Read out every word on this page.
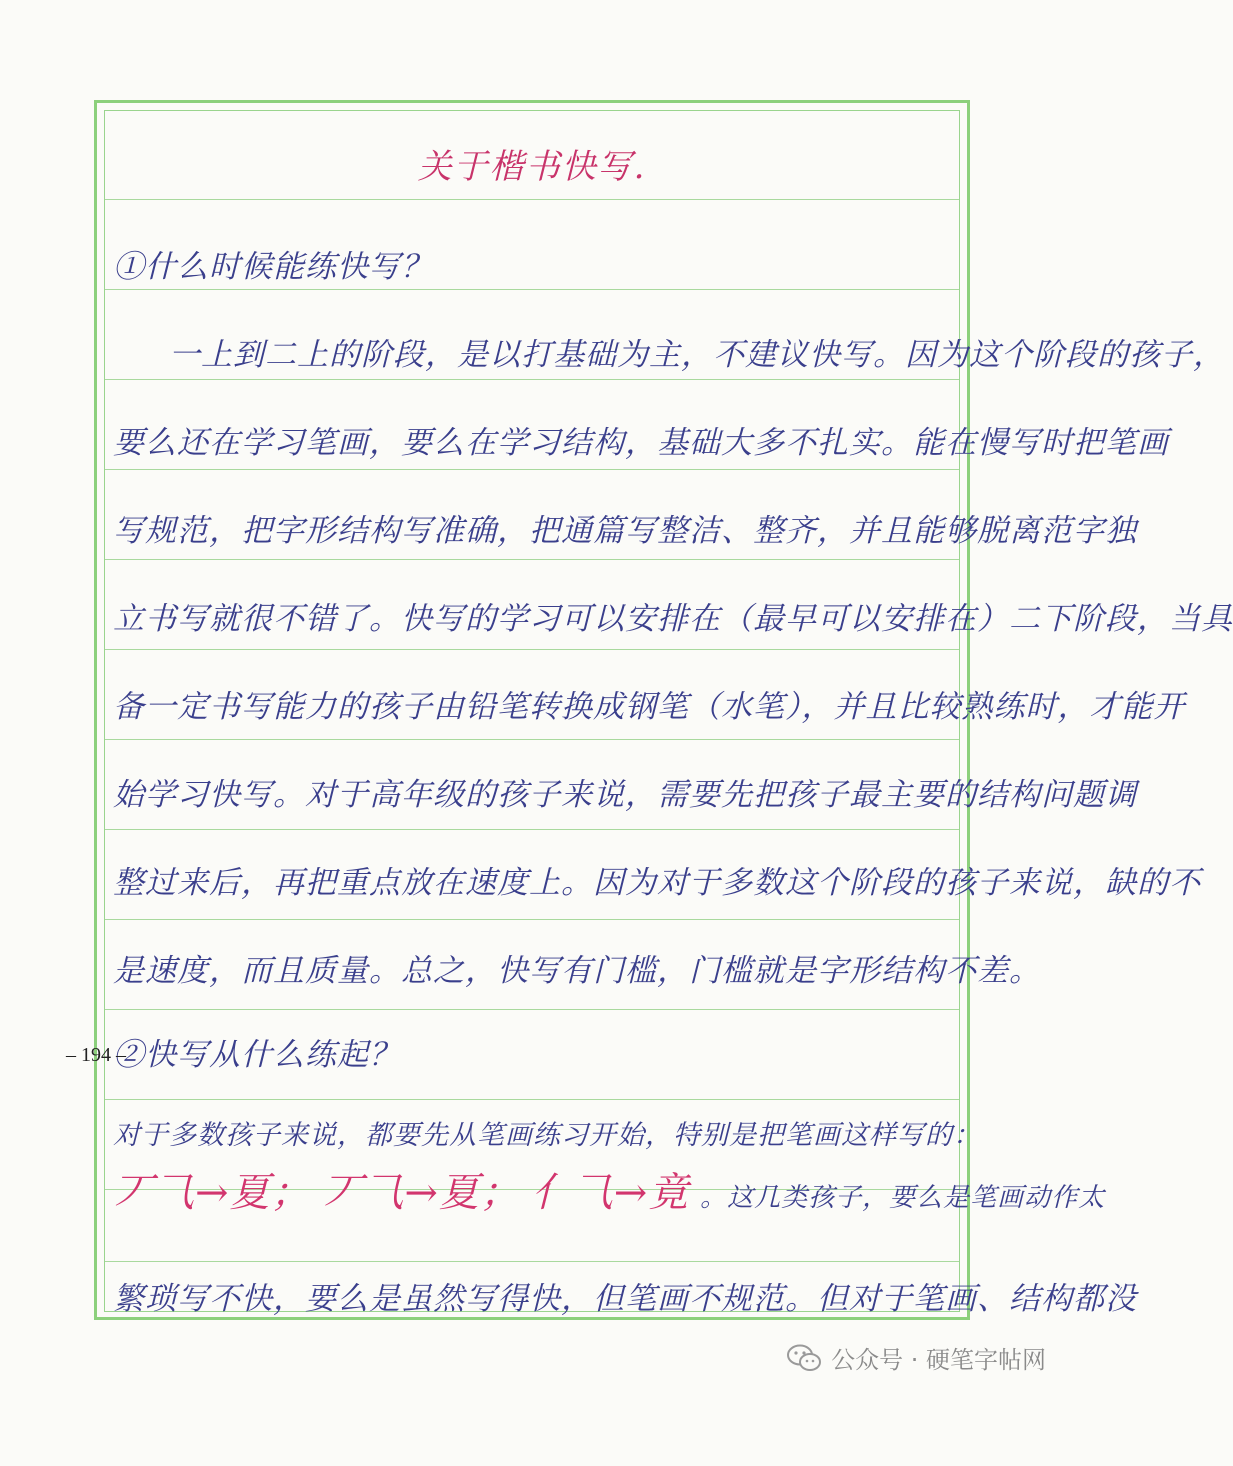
关于楷书快写.
①什么时候能练快写？
一上到二上的阶段，是以打基础为主，不建议快写。因为这个阶段的孩子，
要么还在学习笔画，要么在学习结构，基础大多不扎实。能在慢写时把笔画
写规范，把字形结构写准确，把通篇写整洁、整齐，并且能够脱离范字独
立书写就很不错了。快写的学习可以安排在（最早可以安排在）二下阶段，当具
备一定书写能力的孩子由铅笔转换成钢笔（水笔），并且比较熟练时，才能开
始学习快写。对于高年级的孩子来说，需要先把孩子最主要的结构问题调
整过来后，再把重点放在速度上。因为对于多数这个阶段的孩子来说，缺的不
是速度，而且质量。总之，快写有门槛，门槛就是字形结构不差。
②快写从什么练起？
对于多数孩子来说，都要先从笔画练习开始，特别是把笔画这样写的：
丆⺄→夏； 丆⺄→夏； ⺅⺄→竟 。这几类孩子，要么是笔画动作太
繁琐写不快，要么是虽然写得快，但笔画不规范。但对于笔画、结构都没
– 194 –
公众号 · 硬笔字帖网
